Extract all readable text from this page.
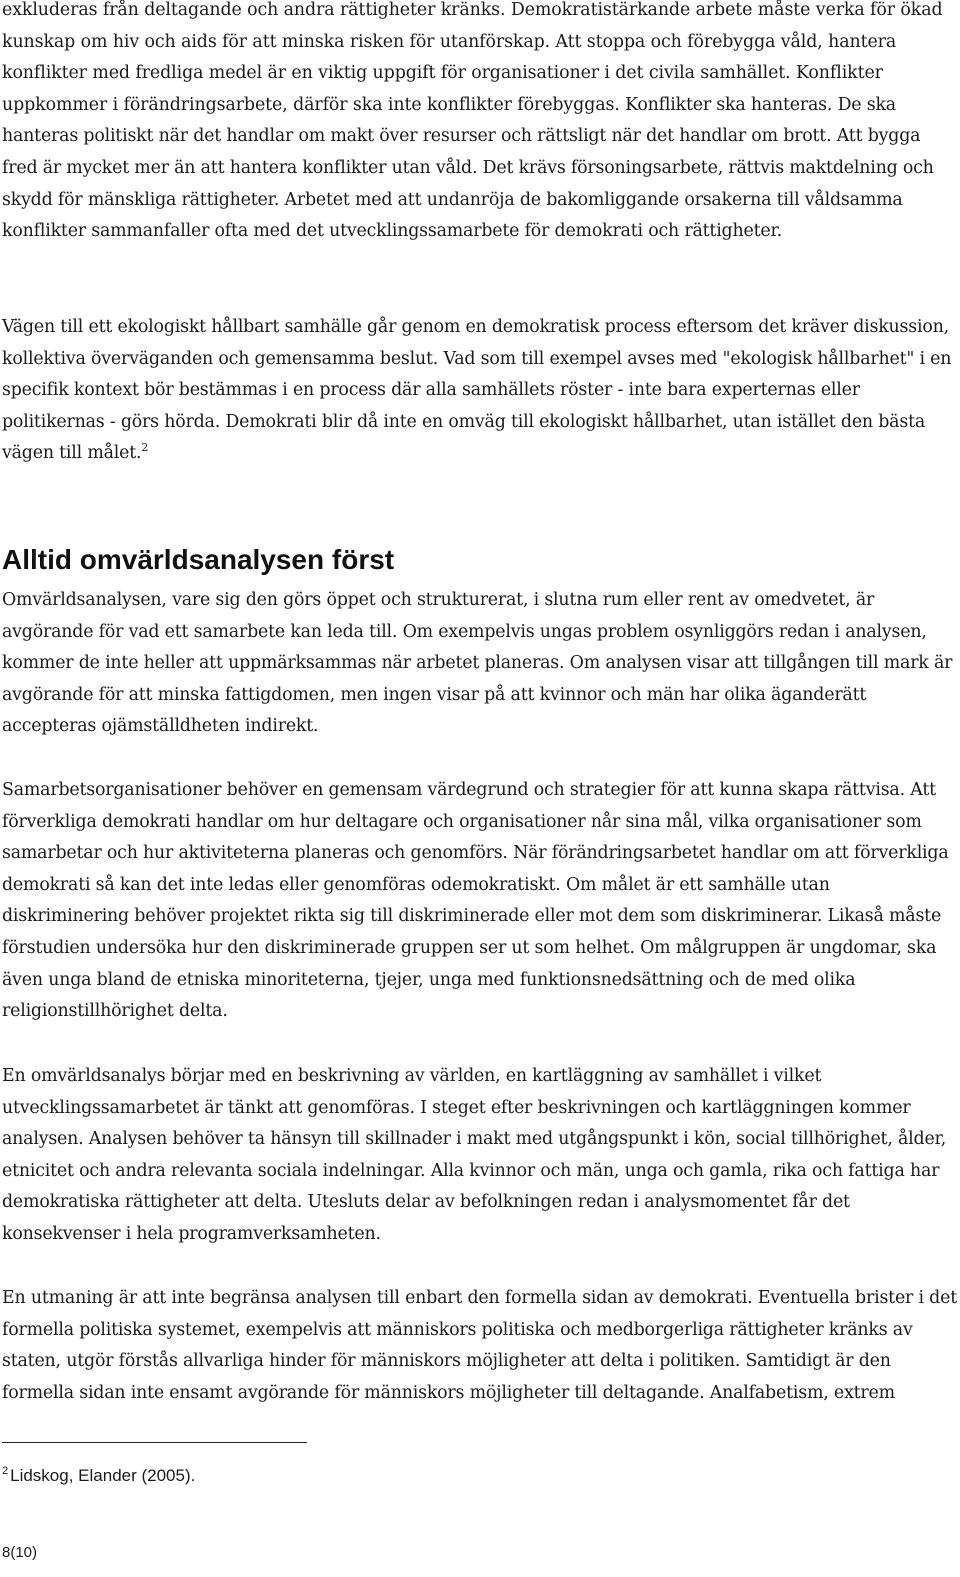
exkluderas från deltagande och andra rättigheter kränks. Demokratistärkande arbete måste verka för ökad kunskap om hiv och aids för att minska risken för utanförskap. Att stoppa och förebygga våld, hantera konflikter med fredliga medel är en viktig uppgift för organisationer i det civila samhället. Konflikter uppkommer i förändringsarbete, därför ska inte konflikter förebyggas. Konflikter ska hanteras. De ska hanteras politiskt när det handlar om makt över resurser och rättsligt när det handlar om brott. Att bygga fred är mycket mer än att hantera konflikter utan våld. Det krävs försoningsarbete, rättvis maktdelning och skydd för mänskliga rättigheter. Arbetet med att undanröja de bakomliggande orsakerna till våldsamma konflikter sammanfaller ofta med det utvecklingssamarbete för demokrati och rättigheter.

Vägen till ett ekologiskt hållbart samhälle går genom en demokratisk process eftersom det kräver diskussion, kollektiva överväganden och gemensamma beslut. Vad som till exempel avses med "ekologisk hållbarhet" i en specifik kontext bör bestämmas i en process där alla samhällets röster - inte bara experternas eller politikernas - görs hörda. Demokrati blir då inte en omväg till ekologiskt hållbarhet, utan istället den bästa vägen till målet.$^2$

Alltid omvärldsanalysen först

Omvärldsanalysen, vare sig den görs öppet och strukturerat, i slutna rum eller rent av omedvetet, är avgörande för vad ett samarbete kan leda till. Om exempelvis ungas problem osynliggörs redan i analysen, kommer de inte heller att uppmärksammas när arbetet planeras. Om analysen visar att tillgången till mark är avgörande för att minska fattigdomen, men ingen visar på att kvinnor och män har olika äganderätt accepteras ojämställdheten indirekt.

Samarbetsorganisationer behöver en gemensam värdegrund och strategier för att kunna skapa rättvisa. Att förverkliga demokrati handlar om hur deltagare och organisationer når sina mål, vilka organisationer som samarbetar och hur aktiviteterna planeras och genomförs. När förändringsarbetet handlar om att förverkliga demokrati så kan det inte ledas eller genomföras odemokratiskt. Om målet är ett samhälle utan diskriminering behöver projektet rikta sig till diskriminerade eller mot dem som diskriminerar. Likaså måste förstudien undersöka hur den diskriminerade gruppen ser ut som helhet. Om målgruppen är ungdomar, ska även unga bland de etniska minoriteterna, tjejer, unga med funktionsnedsättning och de med olika religionstillhörighet delta.

En omvärldsanalys börjar med en beskrivning av världen, en kartläggning av samhället i vilket utvecklingssamarbetet är tänkt att genomföras. I steget efter beskrivningen och kartläggningen kommer analysen. Analysen behöver ta hänsyn till skillnader i makt med utgångspunkt i kön, social tillhörighet, ålder, etnicitet och andra relevanta sociala indelningar. Alla kvinnor och män, unga och gamla, rika och fattiga har demokratiska rättigheter att delta. Utesluts delar av befolkningen redan i analysmomentet får det konsekvenser i hela programverksamheten.

En utmaning är att inte begränsa analysen till enbart den formella sidan av demokrati. Eventuella brister i det formella politiska systemet, exempelvis att människors politiska och medborgerliga rättigheter kränks av staten, utgör förstås allvarliga hinder för människors möjligheter att delta i politiken. Samtidigt är den formella sidan inte ensamt avgörande för människors möjligheter till deltagande. Analfabetism, extrem

$^2$ Lidskog, Elander (2005).

8(10)
